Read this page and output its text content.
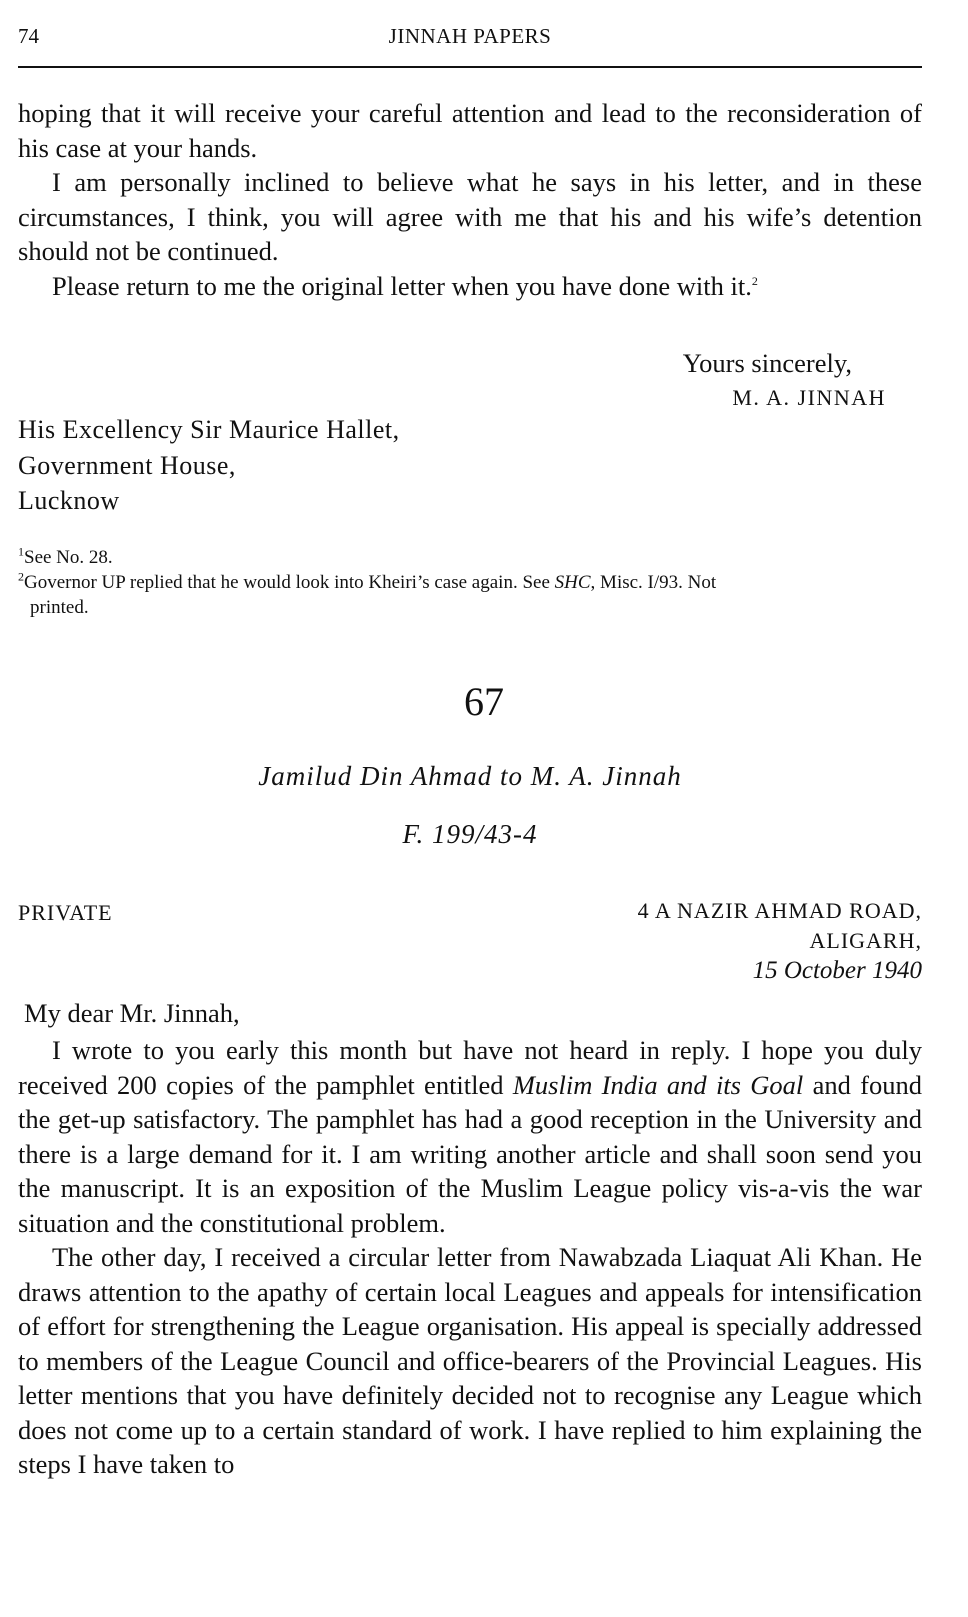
74	JINNAH PAPERS

hoping that it will receive your careful attention and lead to the reconsideration of his case at your hands.

I am personally inclined to believe what he says in his letter, and in these circumstances, I think, you will agree with me that his and his wife’s detention should not be continued.

Please return to me the original letter when you have done with it.$^2$

Yours sincerely,

M. A. JINNAH

His Excellency Sir Maurice Hallet,

Government House,

Lucknow

$^1$See No. 28.

$^2$Governor UP replied that he would look into Kheiri’s case again. See SHC, Misc. I/93. Not

printed.

67
Jamilud Din Ahmad to M. A. Jinnah
F. 199/43-4
PRIVATE	4 A NAZIR AHMAD ROAD,
ALIGARH,
15 October 1940
My dear Mr. Jinnah,

I wrote to you early this month but have not heard in reply. I hope you duly received 200 copies of the pamphlet entitled Muslim India and its Goal and found the get-up satisfactory. The pamphlet has had a good reception in the University and there is a large demand for it. I am writing another article and shall soon send you the manuscript. It is an exposition of the Muslim League policy vis-a-vis the war situation and the constitutional problem.

The other day, I received a circular letter from Nawabzada Liaquat Ali Khan. He draws attention to the apathy of certain local Leagues and appeals for intensification of effort for strengthening the League organisation. His appeal is specially addressed to members of the League Council and office-bearers of the Provincial Leagues. His letter mentions that you have definitely decided not to recognise any League which does not come up to a certain standard of work. I have replied to him explaining the steps I have taken to
